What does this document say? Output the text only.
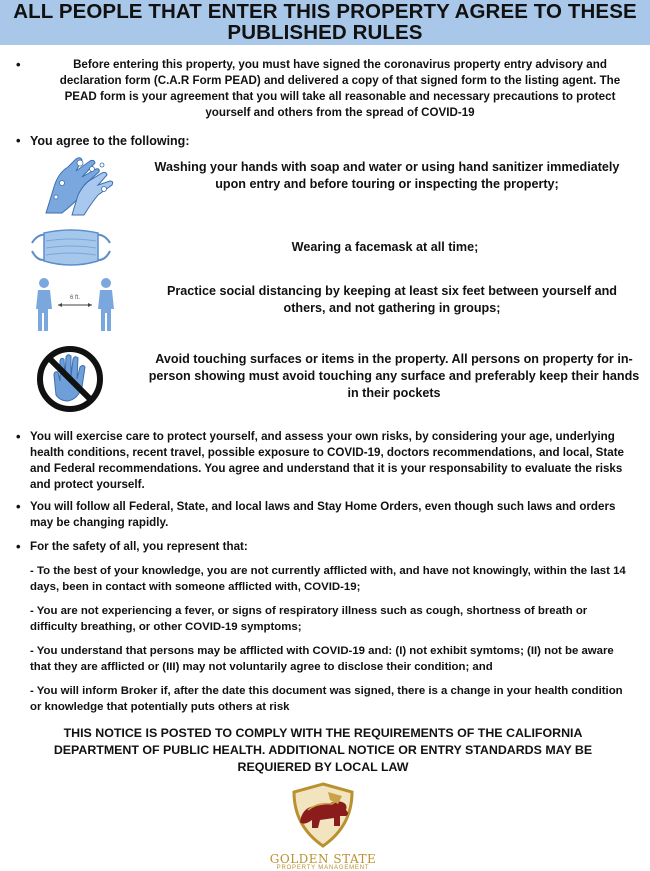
ALL PEOPLE THAT ENTER THIS PROPERTY AGREE TO THESE
PUBLISHED RULES
• Before entering this property, you must have signed the coronavirus property entry advisory and declaration form (C.A.R Form PEAD) and delivered a copy of that signed form to the listing agent. The PEAD form is your agreement that you will take all reasonable and necessary precautions to protect yourself and others from the spread of COVID-19
• You agree to the following:
Washing your hands with soap and water or using hand sanitizer immediately upon entry and before touring or inspecting the property;
Wearing a facemask at all time;
6 ft.	Practice social distancing by keeping at least six feet between yourself and others, and not gathering in groups;
Avoid touching surfaces or items in the property. All persons on property for in-person showing must avoid touching any surface and preferably keep their hands in their pockets
• You will exercise care to protect yourself, and assess your own risks, by considering your age, underlying health conditions, recent travel, possible exposure to COVID-19, doctors recommendations, and local, State and Federal recommendations. You agree and understand that it is your responsability to evaluate the risks and protect yourself.
• You will follow all Federal, State, and local laws and Stay Home Orders, even though such laws and orders may be changing rapidly.
• For the safety of all, you represent that:
- To the best of your knowledge, you are not currently afflicted with, and have not knowingly, within the last 14 days, been in contact with someone afflicted with, COVID-19;
- You are not experiencing a fever, or signs of respiratory illness such as cough, shortness of breath or difficulty breathing, or other COVID-19 symptoms;
- You understand that persons may be afflicted with COVID-19 and: (I) not exhibit symtoms; (II) not be aware that they are afflicted or (III) may not voluntarily agree to disclose their condition; and
- You will inform Broker if, after the date this document was signed, there is a change in your health condition or knowledge that potentially puts others at risk
THIS NOTICE IS POSTED TO COMPLY WITH THE REQUIREMENTS OF THE CALIFORNIA DEPARTMENT OF PUBLIC HEALTH. ADDITIONAL NOTICE OR ENTRY STANDARDS MAY BE REQUIERED BY LOCAL LAW
GOLDEN STATE
PROPERTY MANAGEMENT
